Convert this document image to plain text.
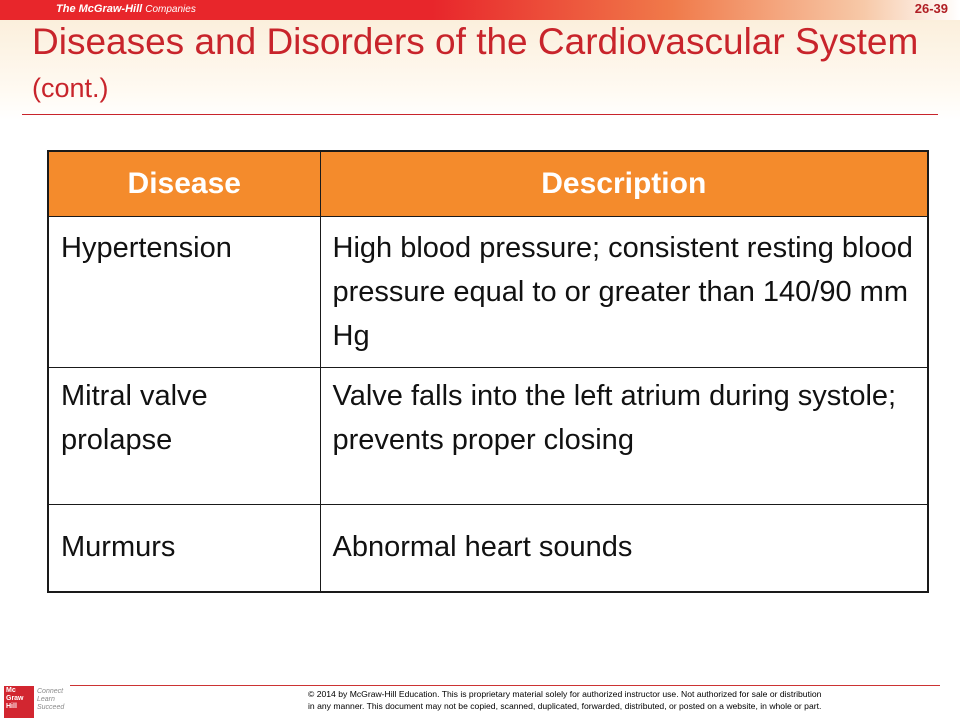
The McGraw-Hill Companies	26-39
Diseases and Disorders of the Cardiovascular System (cont.)
Disease	Description
Hypertension	High blood pressure; consistent resting blood pressure equal to or greater than 140/90 mm Hg
Mitral valve prolapse	Valve falls into the left atrium during systole; prevents proper closing
Murmurs	Abnormal heart sounds
Mc
Graw
Hill
Connect
Learn
Succeed
© 2014 by McGraw-Hill Education. This is proprietary material solely for authorized instructor use. Not authorized for sale or distribution
in any manner. This document may not be copied, scanned, duplicated, forwarded, distributed, or posted on a website, in whole or part.
